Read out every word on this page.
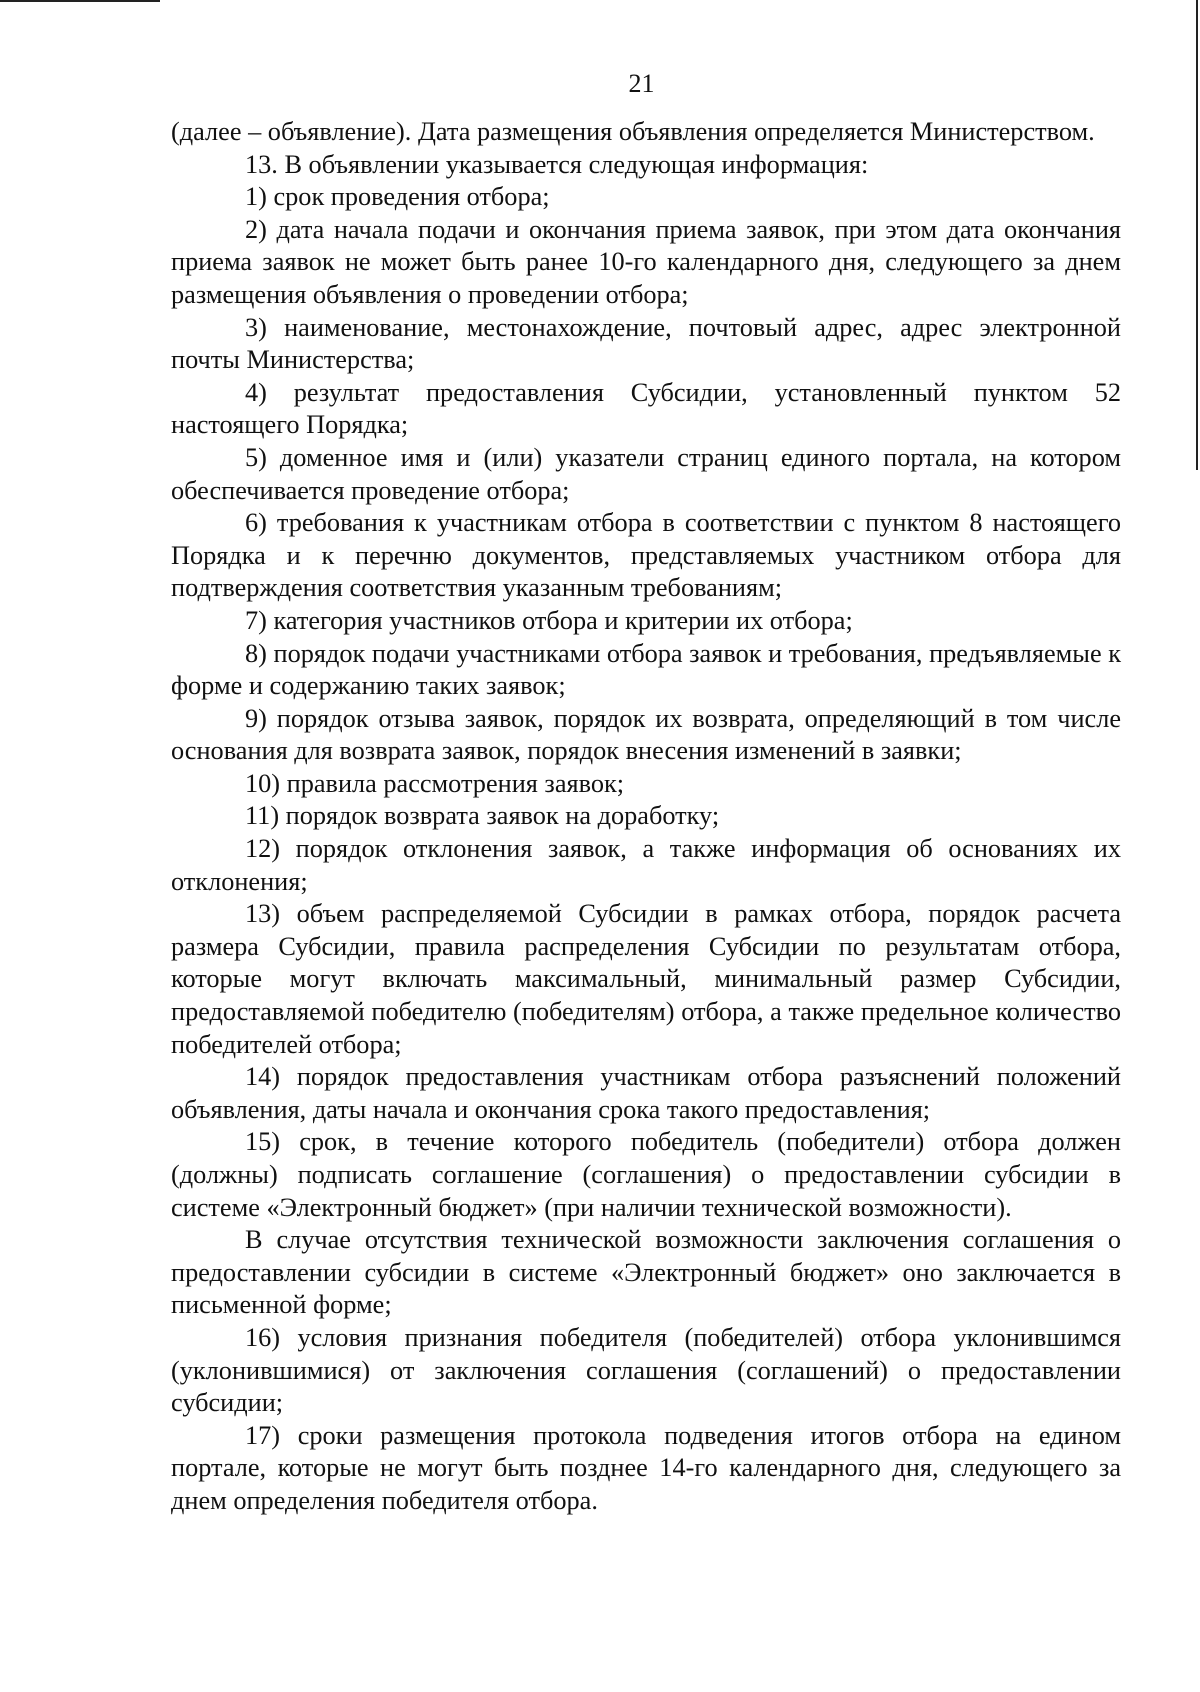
21

(далее – объявление). Дата размещения объявления определяется Министерством.

13. В объявлении указывается следующая информация:

1) срок проведения отбора;

2) дата начала подачи и окончания приема заявок, при этом дата окончания приема заявок не может быть ранее 10-го календарного дня, следующего за днем размещения объявления о проведении отбора;

3) наименование, местонахождение, почтовый адрес, адрес электронной почты Министерства;

4) результат предоставления Субсидии, установленный пунктом 52 настоящего Порядка;

5) доменное имя и (или) указатели страниц единого портала, на котором обеспечивается проведение отбора;

6) требования к участникам отбора в соответствии с пунктом 8 настоящего Порядка и к перечню документов, представляемых участником отбора для подтверждения соответствия указанным требованиям;

7) категория участников отбора и критерии их отбора;

8) порядок подачи участниками отбора заявок и требования, предъявляемые к форме и содержанию таких заявок;

9) порядок отзыва заявок, порядок их возврата, определяющий в том числе основания для возврата заявок, порядок внесения изменений в заявки;

10) правила рассмотрения заявок;

11) порядок возврата заявок на доработку;

12) порядок отклонения заявок, а также информация об основаниях их отклонения;

13) объем распределяемой Субсидии в рамках отбора, порядок расчета размера Субсидии, правила распределения Субсидии по результатам отбора, которые могут включать максимальный, минимальный размер Субсидии, предоставляемой победителю (победителям) отбора, а также предельное количество победителей отбора;

14) порядок предоставления участникам отбора разъяснений положений объявления, даты начала и окончания срока такого предоставления;

15) срок, в течение которого победитель (победители) отбора должен (должны) подписать соглашение (соглашения) о предоставлении субсидии в системе «Электронный бюджет» (при наличии технической возможности).

В случае отсутствия технической возможности заключения соглашения о предоставлении субсидии в системе «Электронный бюджет» оно заключается в письменной форме;

16) условия признания победителя (победителей) отбора уклонившимся (уклонившимися) от заключения соглашения (соглашений) о предоставлении субсидии;

17) сроки размещения протокола подведения итогов отбора на едином портале, которые не могут быть позднее 14-го календарного дня, следующего за днем определения победителя отбора.
